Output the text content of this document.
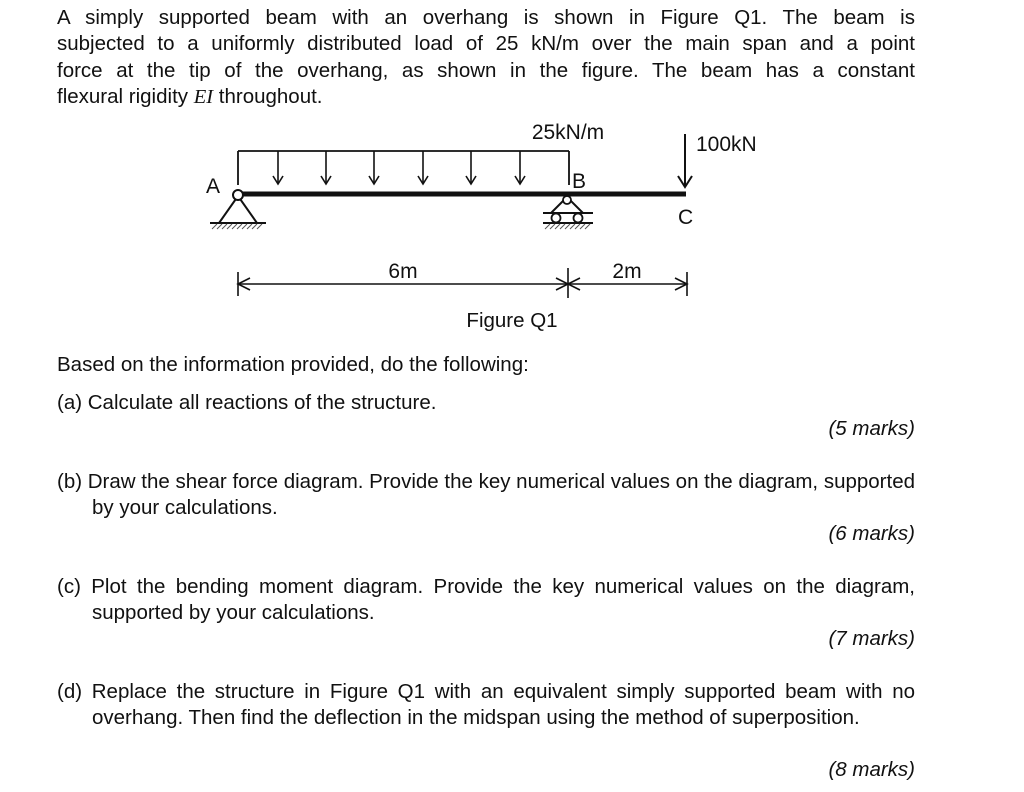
A simply supported beam with an overhang is shown in Figure Q1. The beam is
subjected to a uniformly distributed load of 25 kN/m over the main span and a point
force at the tip of the overhang, as shown in the figure. The beam has a constant
flexural rigidity EI throughout.
25kN/m
A	B
100kN
C
6m	2m
Figure Q1
Based on the information provided, do the following:
(a) Calculate all reactions of the structure.
(5 marks)
(b) Draw the shear force diagram. Provide the key numerical values on the diagram, supported by your calculations.
(6 marks)
(c) Plot the bending moment diagram. Provide the key numerical values on the diagram, supported by your calculations.
(7 marks)
(d) Replace the structure in Figure Q1 with an equivalent simply supported beam with no overhang. Then find the deflection in the midspan using the method of superposition.
(8 marks)
